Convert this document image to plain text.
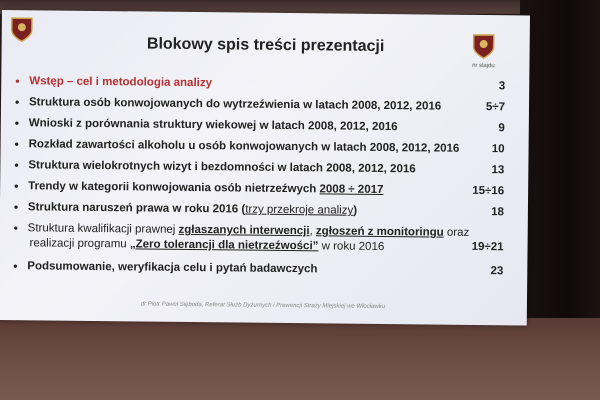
nr slajdu
Blokowy spis treści prezentacji
• Wstęp – cel i metodologia analizy	3
• Struktura osób konwojowanych do wytrzeźwienia w latach 2008, 2012, 2016	5÷7
• Wnioski z porównania struktury wiekowej w latach 2008, 2012, 2016	9
• Rozkład zawartości alkoholu u osób konwojowanych w latach 2008, 2012, 2016	10
• Struktura wielokrotnych wizyt i bezdomności w latach 2008, 2012, 2016	13
• Trendy w kategorii konwojowania osób nietrzeźwych 2008 ÷ 2017	15÷16
• Struktura naruszeń prawa w roku 2016 (trzy przekroje analizy)	18
• Struktura kwalifikacji prawnej zgłaszanych interwencji, zgłoszeń z monitoringu oraz
realizacji programu „Zero tolerancji dla nietrzeźwości” w roku 2016	19÷21
• Podsumowanie, weryfikacja celu i pytań badawczych	23
dr Piotr Paweł Sięboda, Referat Służb Dyżurnych i Prewencji Straży Miejskiej we Włocławku
